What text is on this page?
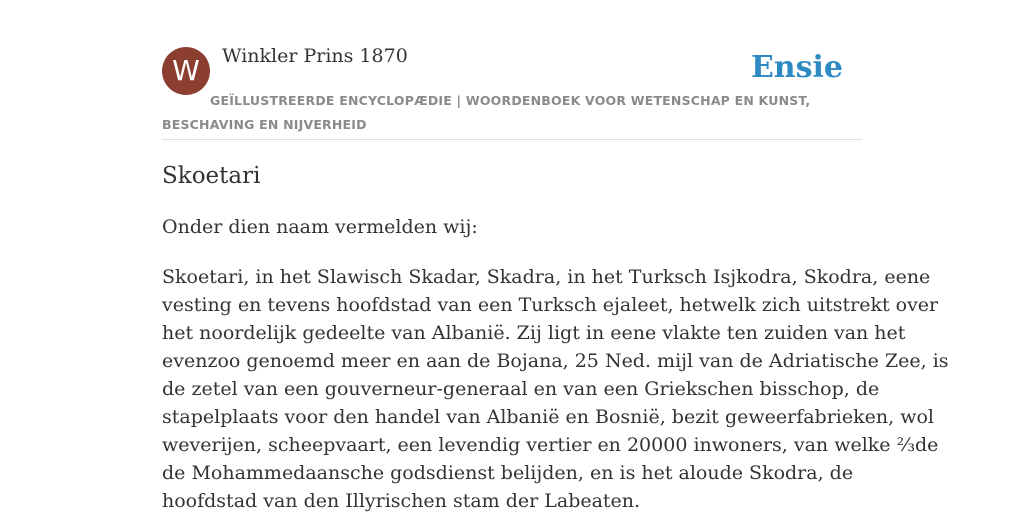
W	Winkler Prins 1870	Ensie
GEÏLLUSTREERDE ENCYCLOPÆDIE | WOORDENBOEK VOOR WETENSCHAP EN KUNST, BESCHAVING EN NIJVERHEID
Skoetari

Onder dien naam vermelden wij:

Skoetari, in het Slawisch Skadar, Skadra, in het Turksch Isjkodra, Skodra, eene
vesting en tevens hoofdstad van een Turksch ejaleet, hetwelk zich uitstrekt over
het noordelijk gedeelte van Albanië. Zij ligt in eene vlakte ten zuiden van het
evenzoo genoemd meer en aan de Bojana, 25 Ned. mijl van de Adriatische Zee, is
de zetel van een gouverneur-generaal en van een Griekschen bisschop, de
stapelplaats voor den handel van Albanië en Bosnië, bezit geweerfabrieken, wol
weverijen, scheepvaart, een levendig vertier en 20000 inwoners, van welke ⅔de
de Mohammedaansche godsdienst belijden, en is het aloude Skodra, de
hoofdstad van den Illyrischen stam der Labeaten.
